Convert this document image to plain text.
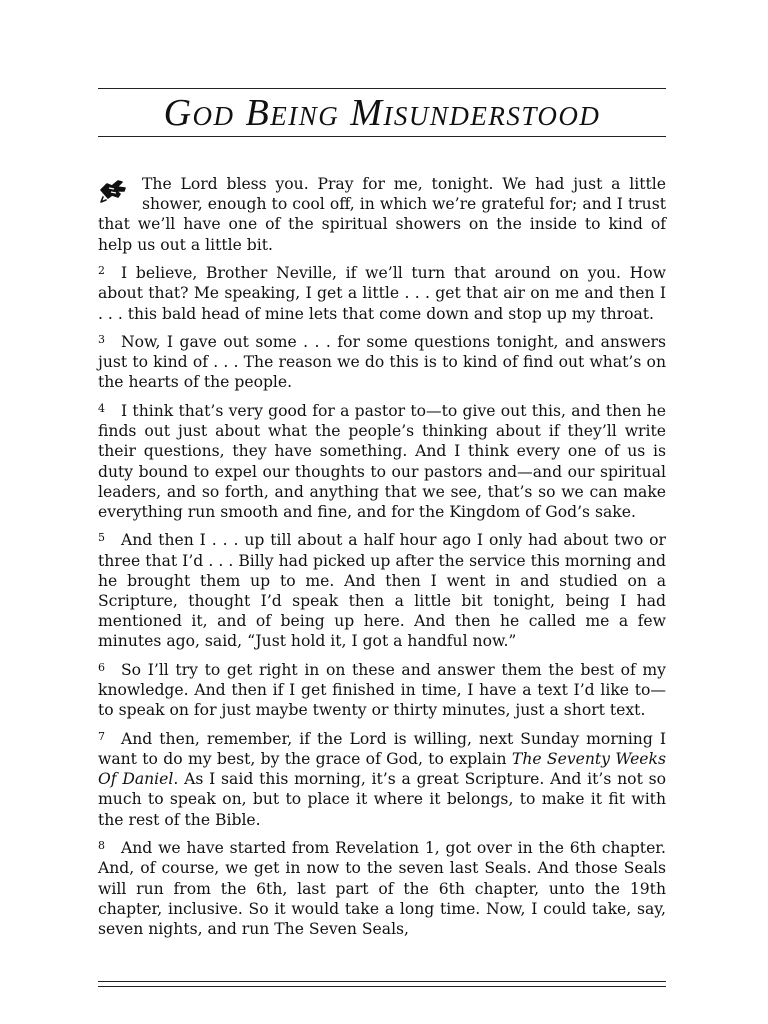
God Being Misunderstood

The Lord bless you. Pray for me, tonight. We had just a little shower, enough to cool off, in which we’re grateful for; and I trust that we’ll have one of the spiritual showers on the inside to kind of help us out a little bit.

2 I believe, Brother Neville, if we’ll turn that around on you. How about that? Me speaking, I get a little . . . get that air on me and then I . . . this bald head of mine lets that come down and stop up my throat.

3 Now, I gave out some . . . for some questions tonight, and answers just to kind of . . . The reason we do this is to kind of find out what’s on the hearts of the people.

4 I think that’s very good for a pastor to—to give out this, and then he finds out just about what the people’s thinking about if they’ll write their questions, they have something. And I think every one of us is duty bound to expel our thoughts to our pastors and—and our spiritual leaders, and so forth, and anything that we see, that’s so we can make everything run smooth and fine, and for the Kingdom of God’s sake.

5 And then I . . . up till about a half hour ago I only had about two or three that I’d . . . Billy had picked up after the service this morning and he brought them up to me. And then I went in and studied on a Scripture, thought I’d speak then a little bit tonight, being I had mentioned it, and of being up here. And then he called me a few minutes ago, said, “Just hold it, I got a handful now.”

6 So I’ll try to get right in on these and answer them the best of my knowledge. And then if I get finished in time, I have a text I’d like to—to speak on for just maybe twenty or thirty minutes, just a short text.

7 And then, remember, if the Lord is willing, next Sunday morning I want to do my best, by the grace of God, to explain The Seventy Weeks Of Daniel. As I said this morning, it’s a great Scripture. And it’s not so much to speak on, but to place it where it belongs, to make it fit with the rest of the Bible.

8 And we have started from Revelation 1, got over in the 6th chapter. And, of course, we get in now to the seven last Seals. And those Seals will run from the 6th, last part of the 6th chapter, unto the 19th chapter, inclusive. So it would take a long time. Now, I could take, say, seven nights, and run The Seven Seals,
